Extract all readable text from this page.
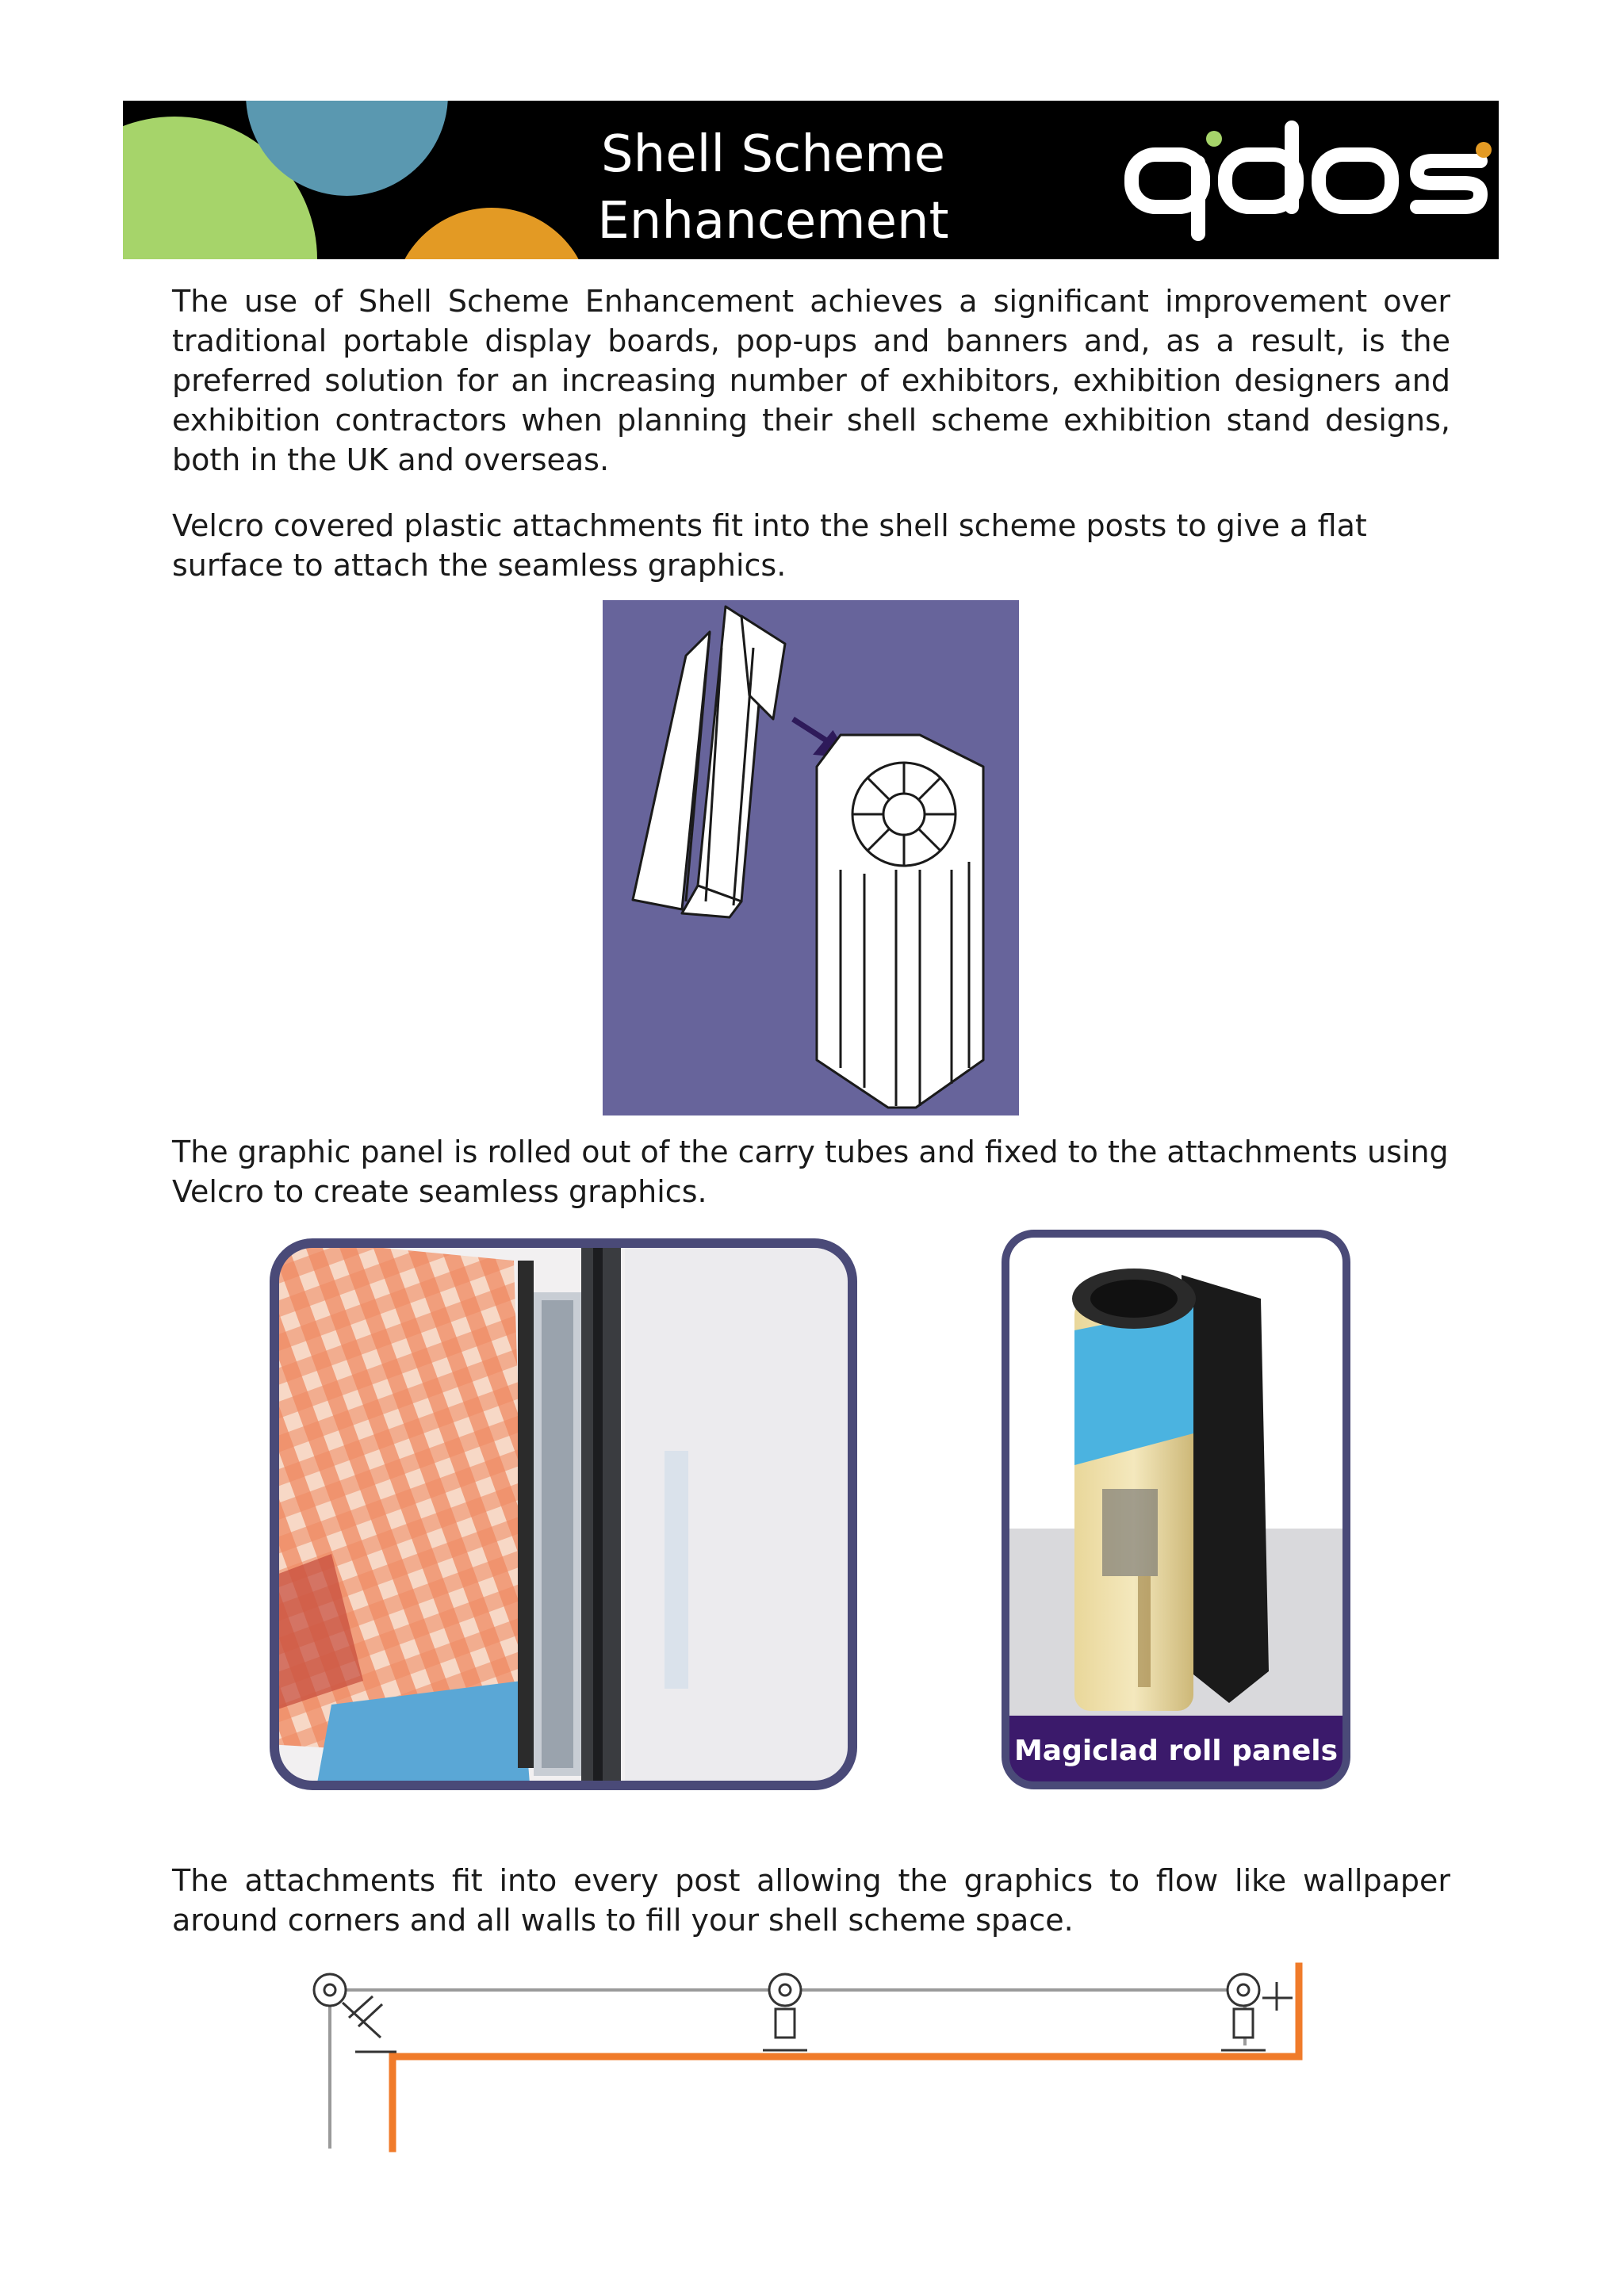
Shell Scheme
Enhancement

The use of Shell Scheme Enhancement achieves a significant improvement over traditional portable display boards, pop-ups and banners and, as a result, is the preferred solution for an increasing number of exhibitors, exhibition designers and exhibition contractors when planning their shell scheme exhibition stand designs, both in the UK and overseas.

Velcro covered plastic attachments fit into the shell scheme posts to give a flat surface to attach the seamless graphics.

The graphic panel is rolled out of the carry tubes and fixed to the attachments using Velcro to create seamless graphics.

Magiclad roll panels

The attachments fit into every post allowing the graphics to flow like wallpaper around corners and all walls to fill your shell scheme space.
